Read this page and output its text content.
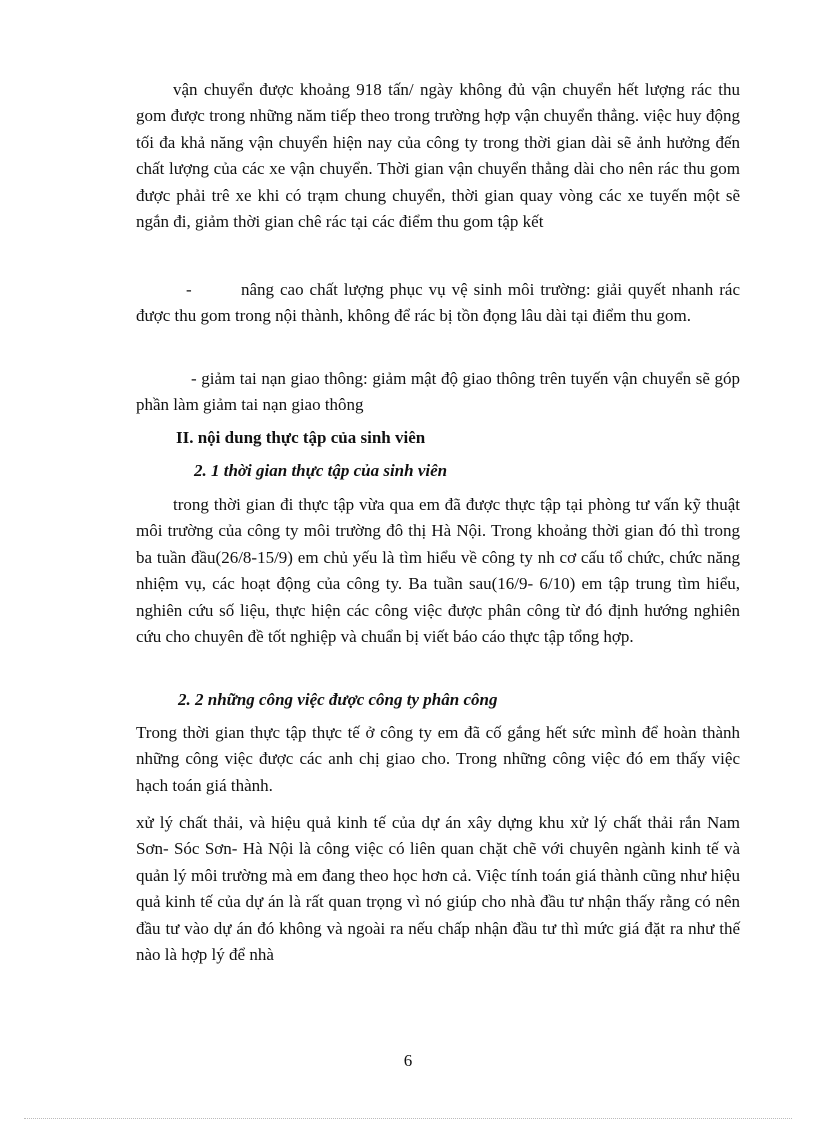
vận chuyển được khoảng 918 tấn/ ngày không đủ vận chuyển hết lượng rác thu gom được trong những năm tiếp theo trong trường hợp vận chuyển thẳng. việc huy động tối đa khả năng vận chuyển hiện nay của công ty trong thời gian dài sẽ ảnh hưởng đến chất lượng của các xe vận chuyển. Thời gian vận chuyển thẳng dài cho nên rác thu gom được phải trê xe khi có trạm chung chuyển, thời gian quay vòng các xe tuyến một sẽ ngắn đi, giảm thời gian chê rác tại các điểm thu gom tập kết

-	nâng cao chất lượng phục vụ vệ sinh môi trường: giải quyết nhanh rác được thu gom trong nội thành, không để rác bị tồn đọng lâu dài tại điểm thu gom.

- giảm tai nạn giao thông: giảm mật độ giao thông trên tuyến vận chuyển sẽ góp phần làm giảm tai nạn giao thông

II. nội dung thực tập của sinh viên
2. 1 thời gian thực tập của sinh viên

trong thời gian đi thực tập vừa qua em đã được thực tập tại phòng tư vấn kỹ thuật môi trường của công ty môi trường đô thị Hà Nội. Trong khoảng thời gian đó thì trong ba tuần đầu(26/8-15/9) em chủ yếu là tìm hiểu về công ty nh cơ cấu tổ chức, chức năng nhiệm vụ, các hoạt động của công ty. Ba tuần sau(16/9- 6/10) em tập trung tìm hiểu, nghiên cứu số liệu, thực hiện các công việc được phân công từ đó định hướng nghiên cứu cho chuyên đề tốt nghiệp và chuẩn bị viết báo cáo thực tập tổng hợp.

2. 2 những công việc được công ty phân công

Trong thời gian thực tập thực tế ở công ty em đã cố gắng hết sức mình để hoàn thành những công việc được các anh chị giao cho. Trong những công việc đó em thấy việc hạch toán giá thành.

xử lý chất thải, và hiệu quả kinh tế của dự án xây dựng khu xử lý chất thải rắn Nam Sơn- Sóc Sơn- Hà Nội là công việc có liên quan chặt chẽ với chuyên ngành kinh tế và quản lý môi trường mà em đang theo học hơn cả. Việc tính toán giá thành cũng như hiệu quả kinh tế của dự án là rất quan trọng vì nó giúp cho nhà đầu tư nhận thấy rằng có nên đầu tư vào dự án đó không và ngoài ra nếu chấp nhận đầu tư thì mức giá đặt ra như thế nào là hợp lý để nhà

6
